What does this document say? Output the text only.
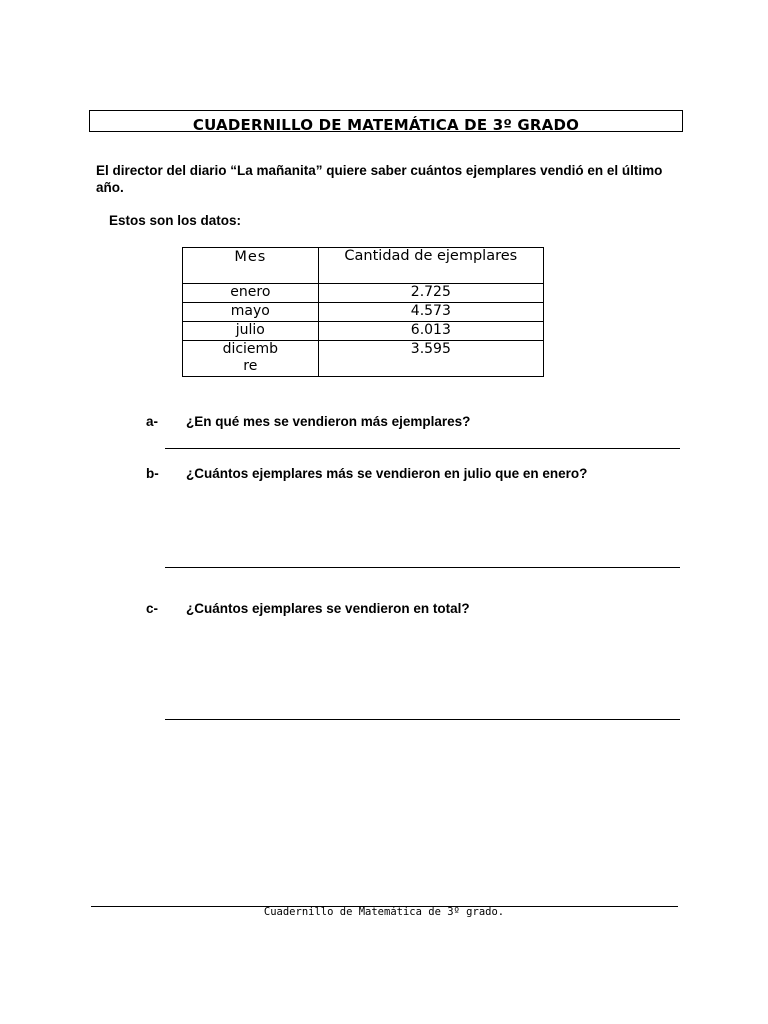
CUADERNILLO DE MATEMÁTICA DE 3º GRADO
El director del diario “La mañanita” quiere saber cuántos ejemplares vendió en el último año.
Estos son los datos:
Mes	Cantidad de ejemplares
enero	2.725
mayo	4.573
julio	6.013

diciembre	3.595
a- ¿En qué mes se vendieron más ejemplares?
b- ¿Cuántos ejemplares más se vendieron en julio que en enero?
c- ¿Cuántos ejemplares se vendieron en total?
Cuadernillo de Matemática de 3º grado.
